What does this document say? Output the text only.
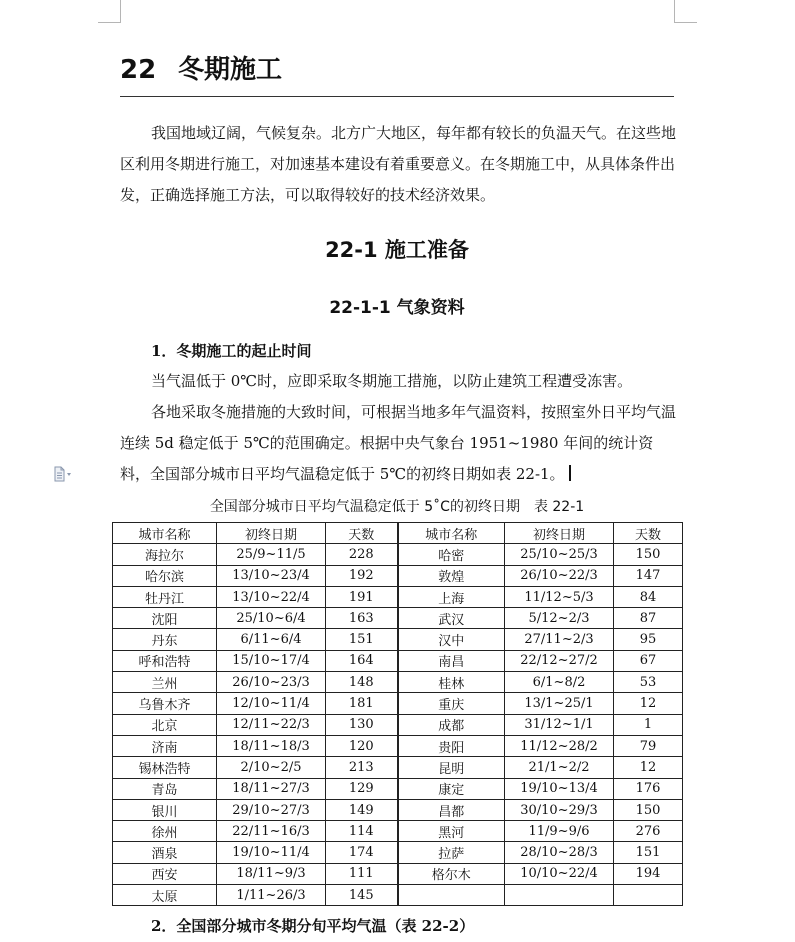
22 冬期施工

我国地域辽阔，气候复杂。北方广大地区，每年都有较长的负温天气。在这些地区利用冬期进行施工，对加速基本建设有着重要意义。在冬期施工中，从具体条件出发，正确选择施工方法，可以取得较好的技术经济效果。

22-1 施工准备
22-1-1 气象资料
1．冬期施工的起止时间

当气温低于 0℃时，应即采取冬期施工措施，以防止建筑工程遭受冻害。

各地采取冬施措施的大致时间，可根据当地多年气温资料，按照室外日平均气温连续 5d 稳定低于 5℃的范围确定。根据中央气象台 1951~1980 年间的统计资料，全国部分城市日平均气温稳定低于 5℃的初终日期如表 22-1。

全国部分城市日平均气温稳定低于 5˚C的初终日期　表 22-1
城市名称	初终日期	天数	城市名称	初终日期	天数
海拉尔	25/9~11/5	228	哈密	25/10~25/3	150
哈尔滨	13/10~23/4	192	敦煌	26/10~22/3	147
牡丹江	13/10~22/4	191	上海	11/12~5/3	84
沈阳	25/10~6/4	163	武汉	5/12~2/3	87
丹东	6/11~6/4	151	汉中	27/11~2/3	95
呼和浩特	15/10~17/4	164	南昌	22/12~27/2	67
兰州	26/10~23/3	148	桂林	6/1~8/2	53
乌鲁木齐	12/10~11/4	181	重庆	13/1~25/1	12
北京	12/11~22/3	130	成都	31/12~1/1	1
济南	18/11~18/3	120	贵阳	11/12~28/2	79
锡林浩特	2/10~2/5	213	昆明	21/1~2/2	12
青岛	18/11~27/3	129	康定	19/10~13/4	176
银川	29/10~27/3	149	昌都	30/10~29/3	150
徐州	22/11~16/3	114	黑河	11/9~9/6	276
酒泉	19/10~11/4	174	拉萨	28/10~28/3	151
西安	18/11~9/3	111	格尔木	10/10~22/4	194
太原	1/11~26/3	145			
2．全国部分城市冬期分旬平均气温（表 22-2）
